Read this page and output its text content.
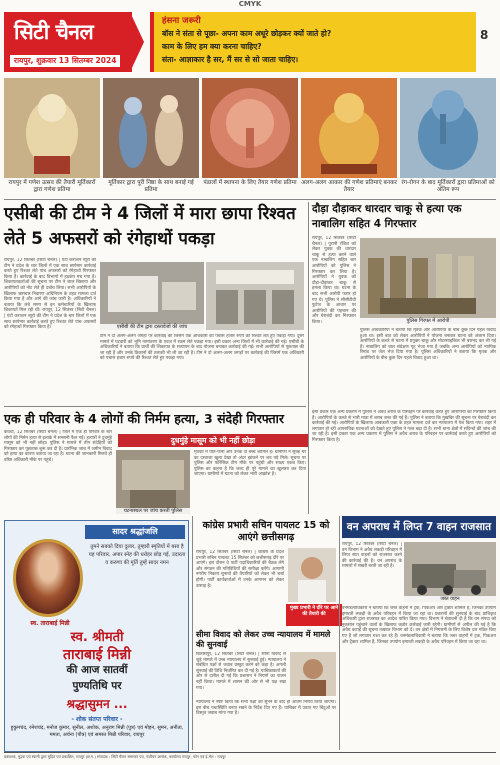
CMYK
सिटी चैनल
रायपुर, शुक्रवार 13 सितम्बर 2024
हंसना जरूरी
बॉस ने संता से पूछा- अपना काम अधूरे छोड़कर क्यों जाते हो?
काम के लिए हम क्या करना चाहिए?
संता- आज्ञाकार है सर, मैं सर से सो जाता चाहिए।
8
रायपुर में गणेश उत्सव की तैयारी मूर्तिकारों द्वारा गणेश प्रतिमा
मूर्तिकार द्वारा पूरी निष्ठा के साथ बनाई गई प्रतिमा
पंडालों में स्थापना के लिए तैयार गणेश प्रतिमा अलग-अलग आकार की गणेश प्रतिमाएं बनकर तैयार
रंग-रोगन के बाद मूर्तिकारों द्वारा प्रतिमाओं को अंतिम रूप
एसीबी की टीम ने 4 जिलों में मारा छापा रिश्वत लेते 5 अफसरों को रंगेहाथों पकड़ा
दौड़ा दौड़ाकर धारदार चाकू से हत्या एक नाबालिग सहित 4 गिरफ्तार
रायपुर, 12 सितंबर (सिटी चैनल) | एंटी करप्शन ब्यूरो की टीम ने प्रदेश के चार जिलों में एक साथ छापेमार कार्रवाई करते हुए रिश्वत लेते पांच अफसरों को रंगेहाथों गिरफ्तार किया है। कार्रवाई के बाद विभागों में हड़कंप मच गया है। शिकायतकर्ताओं की सूचना पर टीम ने जाल बिछाया और आरोपियों को नोट लेते ही दबोच लिया। सभी आरोपियों के खिलाफ भ्रष्टाचार निवारण अधिनियम के तहत मामला दर्ज किया गया है और आगे की जांच जारी है। अधिकारियों ने बताया कि लंबे समय से इन कर्मचारियों के खिलाफ शिकायतें मिल रही थीं। रायपुर, 12 सितंबर (सिटी चैनल) | एंटी करप्शन ब्यूरो की टीम ने प्रदेश के चार जिलों में एक साथ छापेमार कार्रवाई करते हुए रिश्वत लेते पांच अफसरों को रंगेहाथों गिरफ्तार किया है।	एसीबी की टीम द्वारा दस्तावेजों की जांच
टीम ने दो अलग-अलग जगहों पर कार्रवाई की जिसमें एक अधिकारी को पचास हजार रुपये की रिश्वत लेते हुए पकड़ा गया। दूसरे मामले में पटवारी को भूमि नामांतरण के एवज में रकम लेते पकड़ा गया। इसी प्रकार अन्य जिलों में भी कार्रवाई की गई। एसीबी के अधिकारियों ने बताया कि प्रार्थी की शिकायत के सत्यापन के बाद योजना बनाकर कार्रवाई की गई। सभी आरोपियों से पूछताछ की जा रही है और उनके ठिकानों की तलाशी भी ली जा रही है। टीम ने दो अलग-अलग जगहों पर कार्रवाई की जिसमें एक अधिकारी को पचास हजार रुपये की रिश्वत लेते हुए पकड़ा गया।
रायपुर, 12 सितंबर (सिटी चैनल) | पुरानी रंजिश को लेकर युवक की धारदार चाकू से हत्या करने वाले एक नाबालिग सहित चार आरोपियों को पुलिस ने गिरफ्तार कर लिया है। आरोपियों ने युवक को दौड़ा-दौड़ाकर चाकू से हमला किया था। घटना के बाद सभी आरोपी फरार हो गए थे। पुलिस ने सीसीटीवी फुटेज के आधार पर आरोपियों की पहचान की और घेराबंदी कर गिरफ्तार किया।	पुलिस गिरफ्त में आरोपी
पुलिस अधिकारियों ने बताया कि मृतक और आरोपियों के बीच कुछ दिन पहले विवाद हुआ था। इसी बात को लेकर आरोपियों ने योजना बनाकर घटना को अंजाम दिया। आरोपियों के कब्जे से घटना में प्रयुक्त चाकू और मोटरसाइकिल भी बरामद कर ली गई है। नाबालिग को बाल संप्रेक्षण गृह भेजा गया है जबकि अन्य आरोपियों को न्यायिक रिमांड पर जेल भेज दिया गया है। पुलिस अधिकारियों ने बताया कि मृतक और आरोपियों के बीच कुछ दिन पहले विवाद हुआ था।
एक ही परिवार के 4 लोगों की निर्मम हत्या, 3 संदेही गिरफ्तार
दुधमुंहे मासूम को भी नहीं छोड़ा
कवर्धा, 12 सितंबर (सिटी चैनल) | जिले में एक ही परिवार के चार लोगों की निर्मम हत्या से इलाके में सनसनी फैल गई। हत्यारों ने दुधमुंहे मासूम को भी नहीं छोड़ा। पुलिस ने मामले में तीन संदेहियों को गिरफ्तार कर पूछताछ शुरू कर दी है। प्रारंभिक जांच में जमीन विवाद को हत्या का कारण बताया जा रहा है। घटना की जानकारी मिलते ही वरिष्ठ अधिकारी मौके पर पहुंचे।
घटनास्थल पर जांच करती पुलिस
मृतकों में पति-पत्नी और उनके दो बच्चे शामिल हैं। ग्रामीणों ने सुबह घर का दरवाजा खुला देखा तो अंदर झांकने पर शव पड़े मिले। सूचना पर पुलिस और फॉरेंसिक टीम मौके पर पहुंची और साक्ष्य एकत्र किए। पुलिस का कहना है कि जल्द ही पूरे मामले का खुलासा कर दिया जाएगा। ग्रामीणों में घटना को लेकर भारी आक्रोश है।
इसी प्रकार एक अन्य प्रकरण में पुलिस ने अवैध शराब के परिवहन पर कार्रवाई करते हुए आरोपियों को गिरफ्तार किया है। आरोपियों के कब्जे से भारी मात्रा में शराब जब्त की गई है। पुलिस ने बताया कि मुखबिर की सूचना पर घेराबंदी कर कार्रवाई की गई। आरोपियों के खिलाफ आबकारी एक्ट के तहत मामला दर्ज कर न्यायालय में पेश किया गया। शहर में लगातार हो रही आपराधिक घटनाओं को देखते हुए पुलिस ने गश्त बढ़ा दी है। सभी थाना क्षेत्रों में संदिग्धों की जांच की जा रही है। इसी प्रकार एक अन्य प्रकरण में पुलिस ने अवैध शराब के परिवहन पर कार्रवाई करते हुए आरोपियों को गिरफ्तार किया है।
सादर श्रद्धांजलि
तुमने सबको दिया दुलार, तुम्हारी स्मृतियों में बसा है यह परिवार, अपार स्नेह की धरोहर छोड़ गई, उदारता व करुणा की मूर्ति तुम्हें सादर नमन
स्व. ताराबाई मिन्नी
स्व. श्रीमती
ताराबाई मिन्नी
की आज सातवीं
पुण्यतिथि पर
श्रद्धासुमन ...
- शोक संतप्त परिवार -
हुकुमचंद, रमेशचंद, मनोज कुमार, सुनील, अशोक, अनुराग मिन्नी (पुत्र) एवं मोहन, सुमन, अनीता, ममता, अर्चना (पौत्र) एवं समस्त मिन्नी परिवार, रायपुर
कांग्रेस प्रभारी सचिन पायलट 15 को आएंगे छत्तीसगढ़
रायपुर, 12 सितंबर (सिटी चैनल) | कांग्रेस के प्रदेश प्रभारी सचिन पायलट 15 सितंबर को छत्तीसगढ़ दौरे पर आएंगे। इस दौरान वे पार्टी पदाधिकारियों की बैठक लेंगे और संगठन की गतिविधियों की समीक्षा करेंगे। आगामी नगरीय निकाय चुनावों की तैयारियों को लेकर भी चर्चा होगी। पार्टी कार्यकर्ताओं में उनके आगमन को लेकर उत्साह है।
मुख्य प्रभारी ने दौरे पर आने की तैयारी की
सीमा विवाद को लेकर उच्च न्यायालय में मामले की सुनवाई
बिलासपुर, 12 सितंबर (सिटी चैनल) | सीमा विवाद से जुड़े मामले में उच्च न्यायालय में सुनवाई हुई। न्यायालय ने संबंधित पक्षों से जवाब प्रस्तुत करने को कहा है। अगली सुनवाई की तिथि निर्धारित कर दी गई है। याचिकाकर्ता की ओर से दलील दी गई कि प्रशासन ने नियमों का पालन नहीं किया। मामले में शासन की ओर से भी पक्ष रखा गया।
न्यायालय ने स्पष्ट किया कि सभी पक्षों को सुनने के बाद ही अंतिम निर्णय लिया जाएगा। इस बीच यथास्थिति बनाए रखने के निर्देश दिए गए हैं। याचिका में उठाए गए बिंदुओं पर विस्तृत जवाब मांगा गया है।
वन अपराध में लिप्त 7 वाहन राजसात
रायपुर, 12 सितंबर (सिटी चैनल) | वन विभाग ने अवैध लकड़ी परिवहन में लिप्त सात वाहनों को राजसात करने की कार्रवाई की है। वन अपराध के मामलों में सख्ती बरती जा रही है।
जब्त वाहन
वनमंडलाधिकारी ने बताया कि जब्त वाहनों में ट्रक, पिकअप और ट्रैक्टर शामिल हैं, जिनका उपयोग इमारती लकड़ी के अवैध परिवहन में किया जा रहा था। प्रकरणों की सुनवाई के बाद प्राधिकृत अधिकारी द्वारा राजसात का आदेश पारित किया गया। विभाग ने चेतावनी दी है कि वन संपदा को नुकसान पहुंचाने वालों के खिलाफ कठोर कार्रवाई जारी रहेगी। ग्रामीणों से अपील की गई है कि अवैध कटाई की सूचना तत्काल विभाग को दें। वन क्षेत्रों में निगरानी के लिए विशेष दल गठित किए गए हैं जो लगातार गश्त कर रहे हैं। वनमंडलाधिकारी ने बताया कि जब्त वाहनों में ट्रक, पिकअप और ट्रैक्टर शामिल हैं, जिनका उपयोग इमारती लकड़ी के अवैध परिवहन में किया जा रहा था।
प्रकाशक, मुद्रक एवं स्वामी द्वारा मुद्रित एवं प्रकाशित, रायपुर (छ.ग.) संपादक : सिटी चैनल समाचार पत्र, पंजीयन क्रमांक, कार्यालय रायपुर, फोन एवं ई-मेल : रायपुर
